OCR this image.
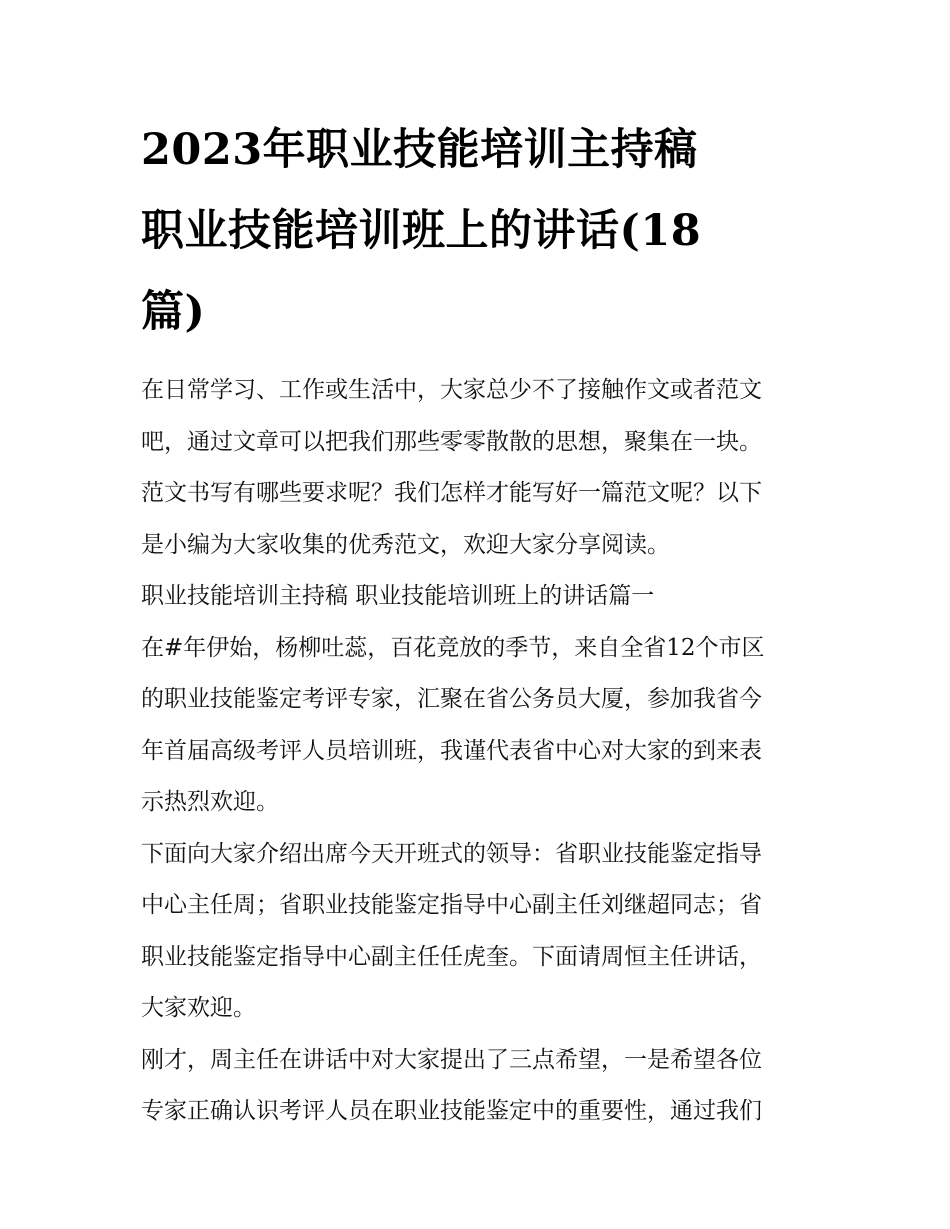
2023年职业技能培训主持稿
职业技能培训班上的讲话(18
篇)

在日常学习、工作或生活中，大家总少不了接触作文或者范文
吧，通过文章可以把我们那些零零散散的思想，聚集在一块。
范文书写有哪些要求呢？我们怎样才能写好一篇范文呢？以下
是小编为大家收集的优秀范文，欢迎大家分享阅读。

职业技能培训主持稿 职业技能培训班上的讲话篇一

在#年伊始，杨柳吐蕊，百花竞放的季节，来自全省12个市区
的职业技能鉴定考评专家，汇聚在省公务员大厦，参加我省今
年首届高级考评人员培训班，我谨代表省中心对大家的到来表
示热烈欢迎。

下面向大家介绍出席今天开班式的领导：省职业技能鉴定指导
中心主任周；省职业技能鉴定指导中心副主任刘继超同志；省
职业技能鉴定指导中心副主任任虎奎。下面请周恒主任讲话，
大家欢迎。

刚才，周主任在讲话中对大家提出了三点希望，一是希望各位
专家正确认识考评人员在职业技能鉴定中的重要性，通过我们
